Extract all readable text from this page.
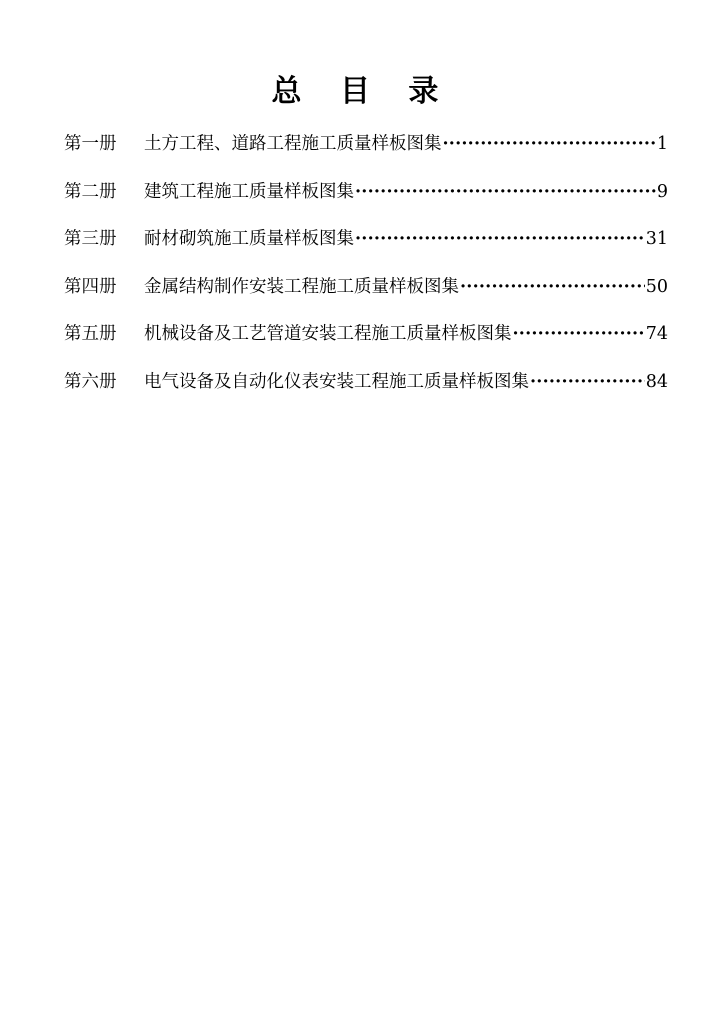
总 目 录
第一册	土方工程、道路工程施工质量样板图集 ·····	1
第二册	建筑工程施工质量样板图集 ·····	9
第三册	耐材砌筑施工质量样板图集 ·····	31
第四册	金属结构制作安装工程施工质量样板图集 ·····	50
第五册	机械设备及工艺管道安装工程施工质量样板图集 ·····	74
第六册	电气设备及自动化仪表安装工程施工质量样板图集 ·····	84
